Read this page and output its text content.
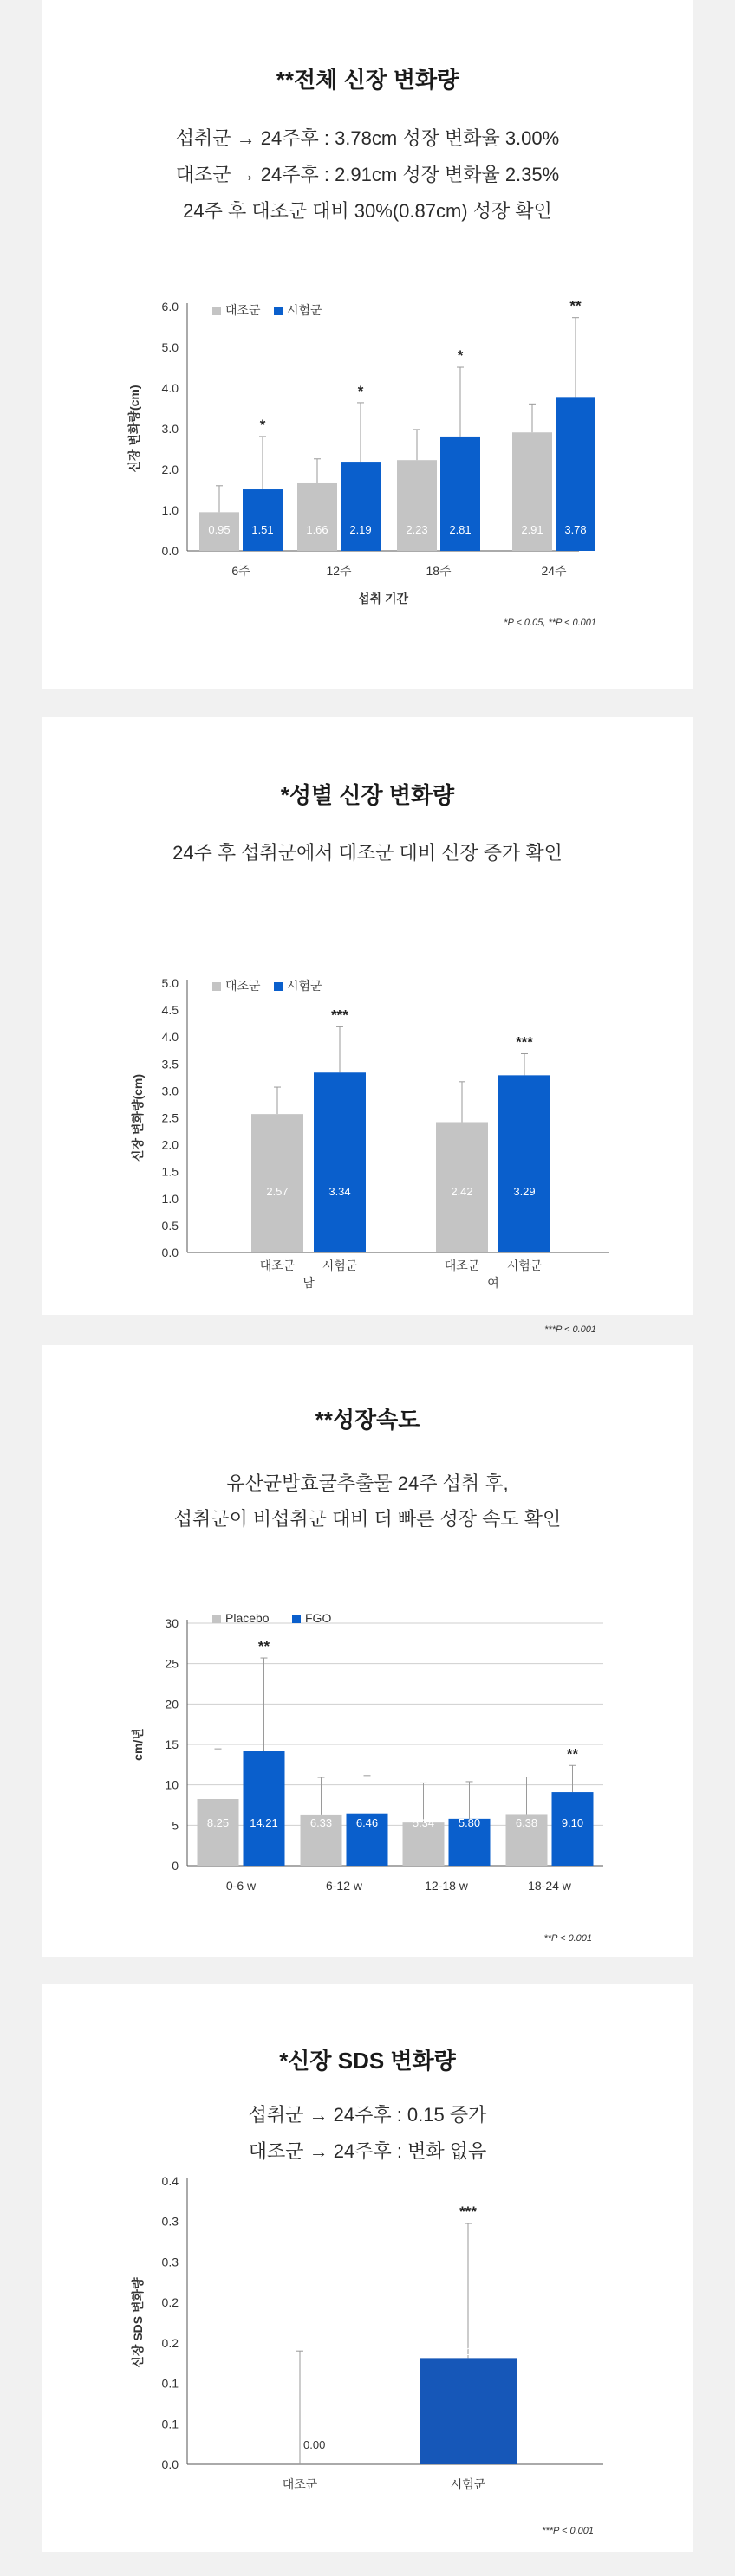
**전체 신장 변화량

섭취군 → 24주후 : 3.78cm 성장 변화율 3.00%

대조군 → 24주후 : 2.91cm 성장 변화율 2.35%

24주 후 대조군 대비 30%(0.87cm) 성장 확인

0.0
1.0
2.0
3.0
4.0
5.0
6.0
신장 변화량(cm)
대조군 시험군
0.95 1.51
*
1.66 2.19
*
2.23 2.81
*
2.91 3.78
**
6주	12주	18주	24주
섭취 기간
*P < 0.05, **P < 0.001
*성별 신장 변화량

24주 후 섭취군에서 대조군 대비 신장 증가 확인

0.0
0.5
1.0
1.5
2.0
2.5
3.0
3.5
4.0
4.5
5.0
신장 변화량(cm)
대조군 시험군
2.57	3.34
***
2.42	3.29
***
대조군 시험군
남
대조군 시험군
여
***P < 0.001
**성장속도

유산균발효굴추출물 24주 섭취 후,

섭취군이 비섭취군 대비 더 빠른 성장 속도 확인

0
5
10
15
20
25
30
cm/년
Placebo	FGO
8.25 14.21
**
6.33 6.46	5.34 5.80	6.38 9.10
**
0-6 w	6-12 w	12-18 w	18-24 w
**P < 0.001
*신장 SDS 변화량

섭취군 → 24주후 : 0.15 증가

대조군 → 24주후 : 변화 없음

0.0
0.1
0.1
0.2
0.2
0.3
0.3
0.4
신장 SDS 변화량
0.00
0.15
***
대조군	시험군
***P < 0.001
